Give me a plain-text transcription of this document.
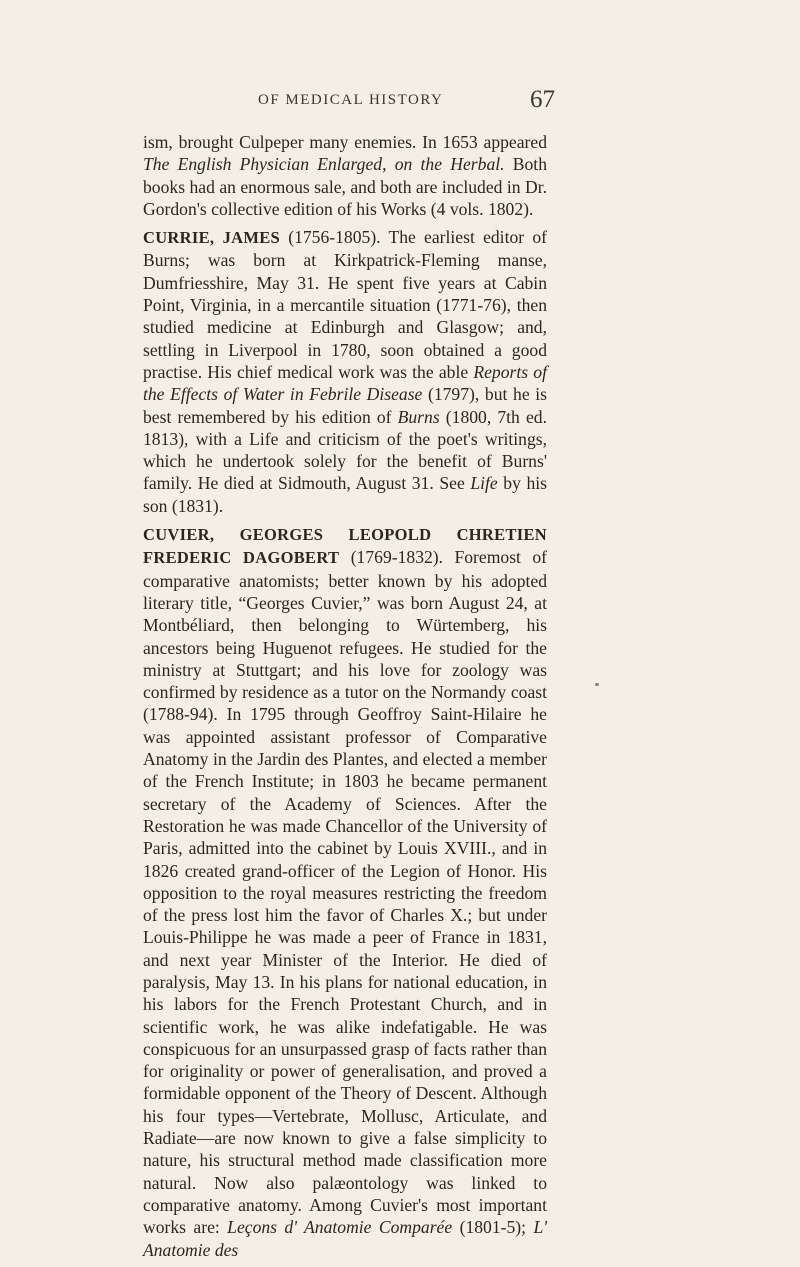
OF MEDICAL HISTORY	67

ism, brought Culpeper many enemies. In 1653 appeared The English Physician Enlarged, on the Herbal. Both books had an enormous sale, and both are included in Dr. Gordon's collective edition of his Works (4 vols. 1802).

CURRIE, JAMES (1756-1805). The earliest editor of Burns; was born at Kirkpatrick-Fleming manse, Dumfriesshire, May 31. He spent five years at Cabin Point, Virginia, in a mercantile situation (1771-76), then studied medicine at Edinburgh and Glasgow; and, settling in Liverpool in 1780, soon obtained a good practise. His chief medical work was the able Reports of the Effects of Water in Febrile Disease (1797), but he is best remembered by his edition of Burns (1800, 7th ed. 1813), with a Life and criticism of the poet's writings, which he undertook solely for the benefit of Burns' family. He died at Sidmouth, August 31. See Life by his son (1831).

CUVIER, GEORGES LEOPOLD CHRETIEN FREDERIC DAGOBERT (1769-1832). Foremost of comparative anatomists; better known by his adopted literary title, “Georges Cuvier,” was born August 24, at Montbéliard, then belonging to Würtemberg, his ancestors being Huguenot refugees. He studied for the ministry at Stuttgart; and his love for zoology was confirmed by residence as a tutor on the Normandy coast (1788-94). In 1795 through Geoffroy Saint-Hilaire he was appointed assistant professor of Comparative Anatomy in the Jardin des Plantes, and elected a member of the French Institute; in 1803 he became permanent secretary of the Academy of Sciences. After the Restoration he was made Chancellor of the University of Paris, admitted into the cabinet by Louis XVIII., and in 1826 created grand-officer of the Legion of Honor. His opposition to the royal measures restricting the freedom of the press lost him the favor of Charles X.; but under Louis-Philippe he was made a peer of France in 1831, and next year Minister of the Interior. He died of paralysis, May 13. In his plans for national education, in his labors for the French Protestant Church, and in scientific work, he was alike indefatigable. He was conspicuous for an unsurpassed grasp of facts rather than for originality or power of generalisation, and proved a formidable opponent of the Theory of Descent. Although his four types—Vertebrate, Mollusc, Articulate, and Radiate—are now known to give a false simplicity to nature, his structural method made classification more natural. Now also palæontology was linked to comparative anatomy. Among Cuvier's most important works are: Leçons d' Anatomie Comparée (1801-5); L' Anatomie des
